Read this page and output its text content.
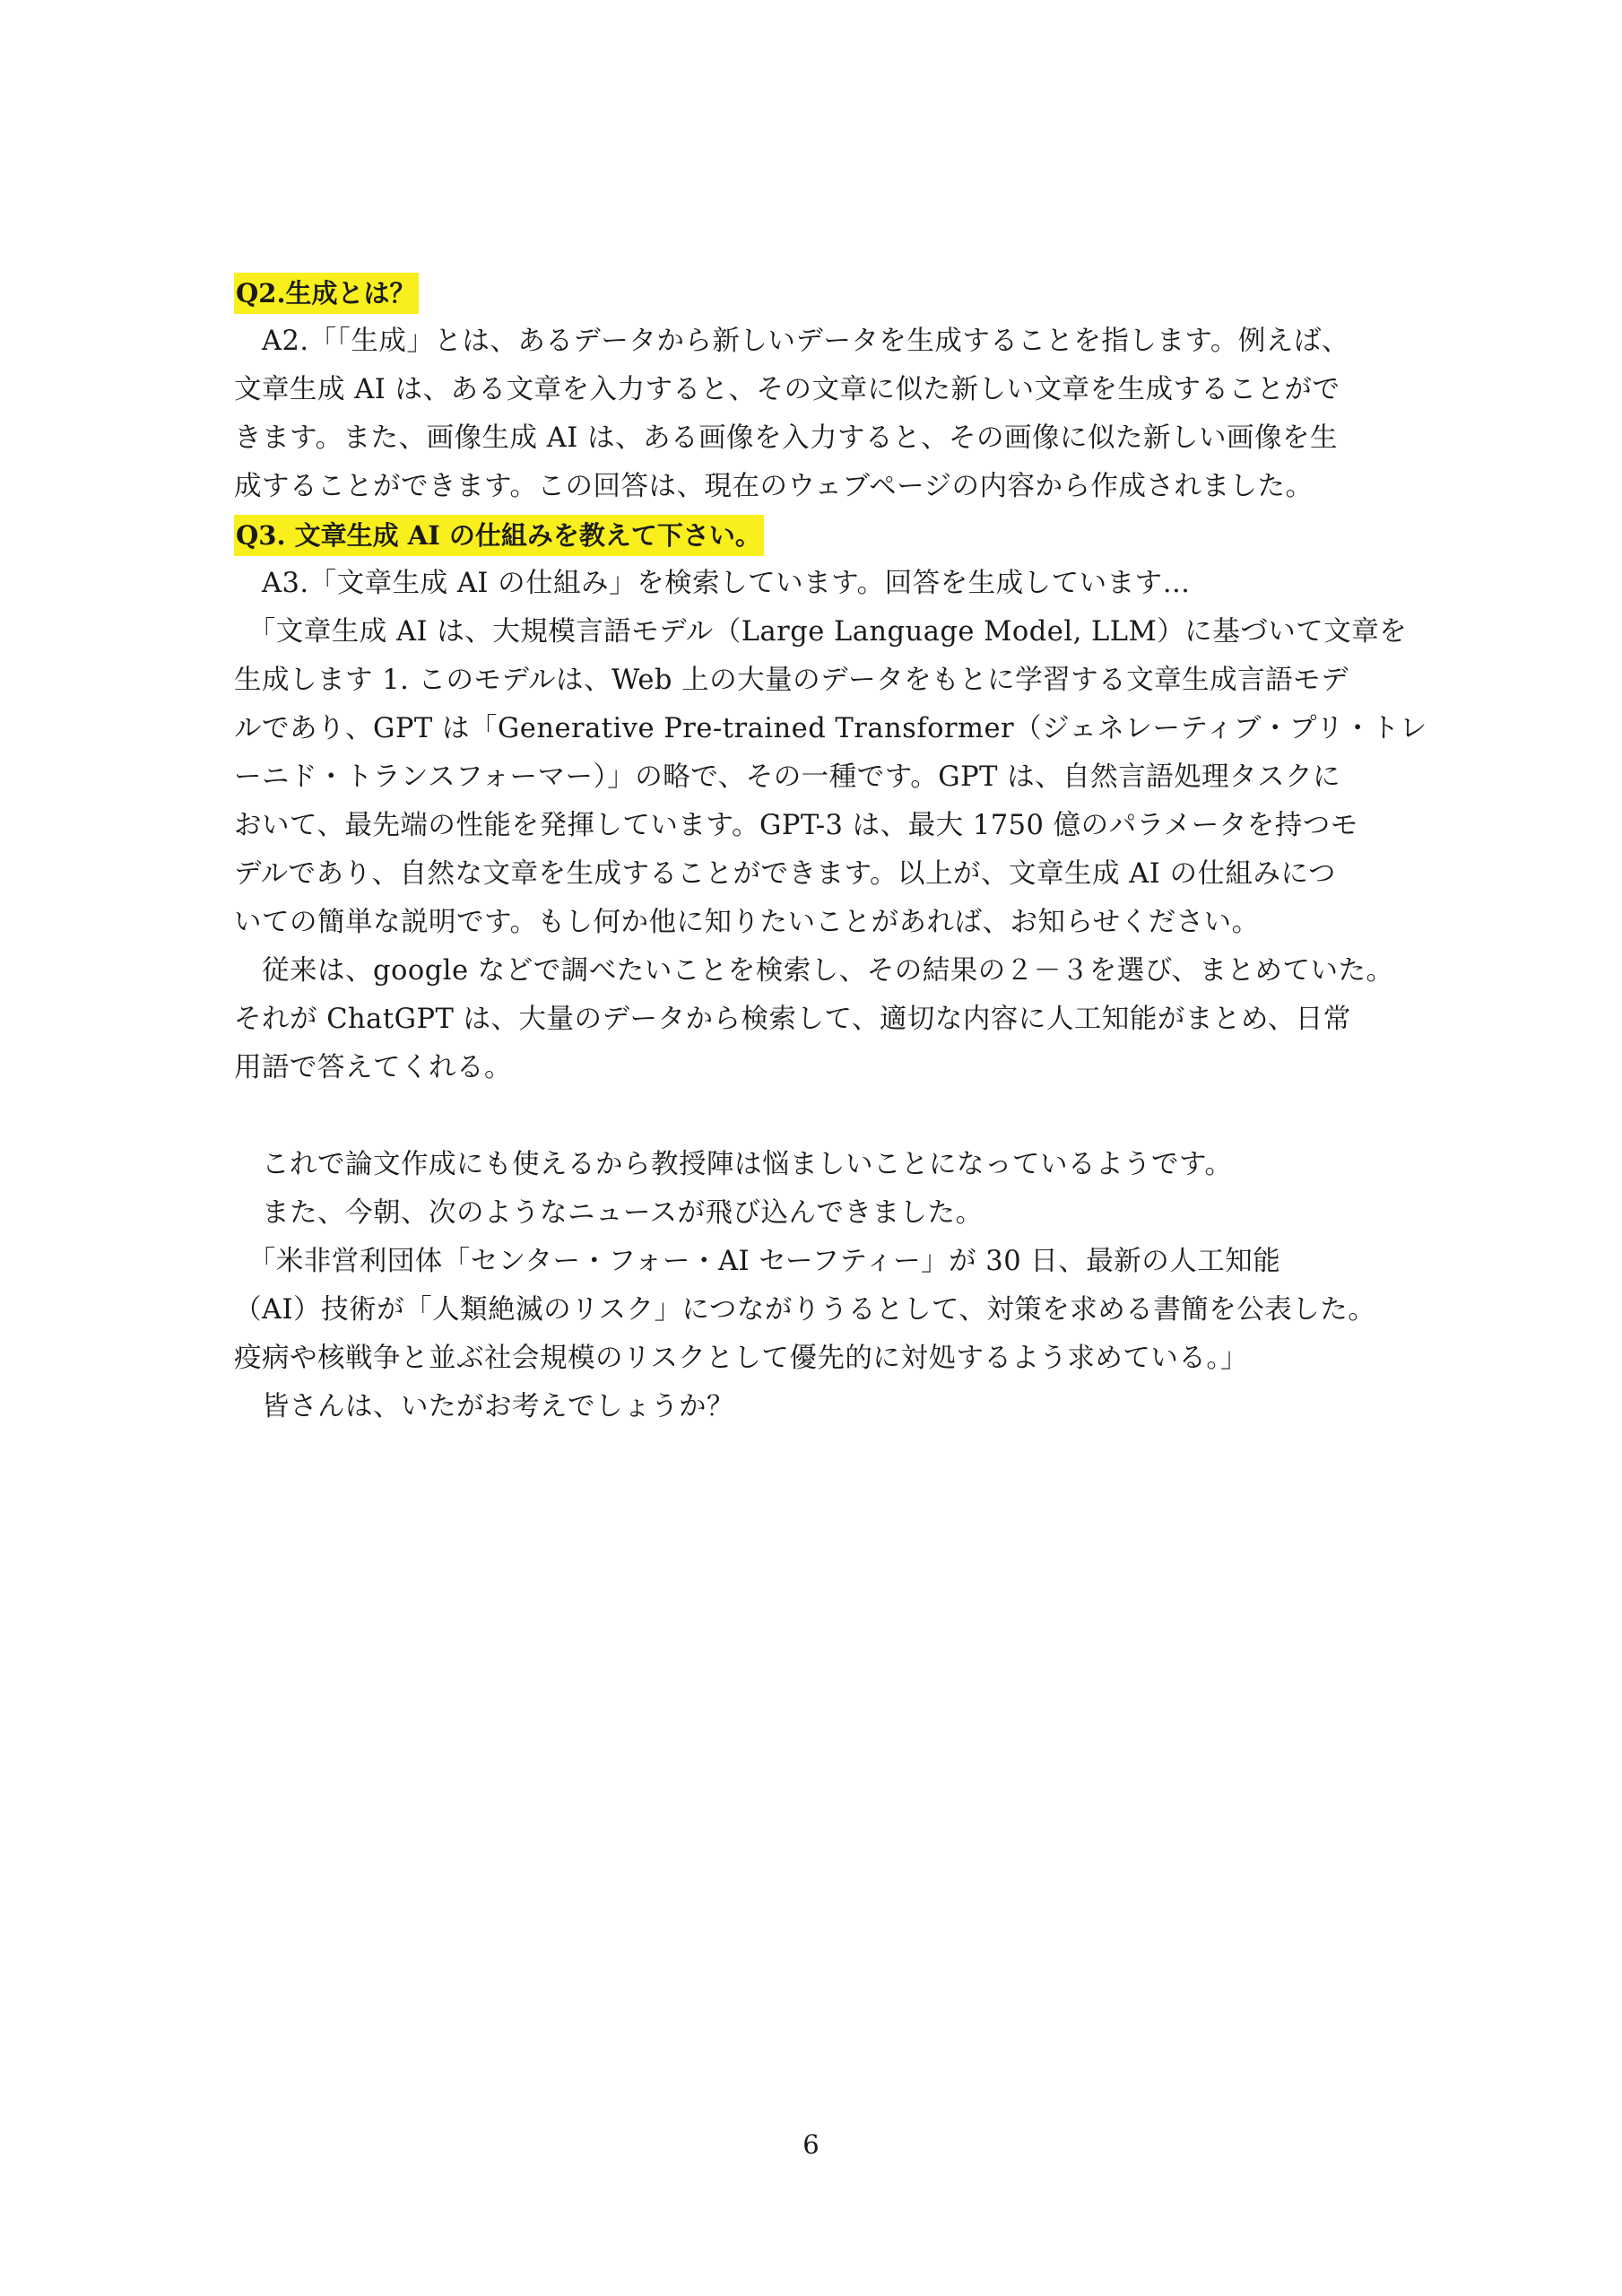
Q2.生成とは？
　A2.「「生成」とは、あるデータから新しいデータを生成することを指します。例えば、
文章生成 AI は、ある文章を入力すると、その文章に似た新しい文章を生成することがで
きます。また、画像生成 AI は、ある画像を入力すると、その画像に似た新しい画像を生
成することができます。この回答は、現在のウェブページの内容から作成されました。
Q3. 文章生成 AI の仕組みを教えて下さい。
　A3.「文章生成 AI の仕組み」を検索しています。回答を生成しています…
　「文章生成 AI は、大規模言語モデル（Large Language Model, LLM）に基づいて文章を
生成します 1. このモデルは、Web 上の大量のデータをもとに学習する文章生成言語モデ
ルであり、GPT は「Generative Pre-trained Transformer（ジェネレーティブ・プリ・トレ
ーニド・トランスフォーマー）」の略で、その一種です。GPT は、自然言語処理タスクに
おいて、最先端の性能を発揮しています。GPT-3 は、最大 1750 億のパラメータを持つモ
デルであり、自然な文章を生成することができます。以上が、文章生成 AI の仕組みにつ
いての簡単な説明です。もし何か他に知りたいことがあれば、お知らせください。
　従来は、google などで調べたいことを検索し、その結果の２－３を選び、まとめていた。
それが ChatGPT は、大量のデータから検索して、適切な内容に人工知能がまとめ、日常
用語で答えてくれる。
　これで論文作成にも使えるから教授陣は悩ましいことになっているようです。
　また、今朝、次のようなニュースが飛び込んできました。
　「米非営利団体「センター・フォー・AI セーフティー」が 30 日、最新の人工知能
（AI）技術が「人類絶滅のリスク」につながりうるとして、対策を求める書簡を公表した。
疫病や核戦争と並ぶ社会規模のリスクとして優先的に対処するよう求めている。」
　皆さんは、いたがお考えでしょうか？
6
